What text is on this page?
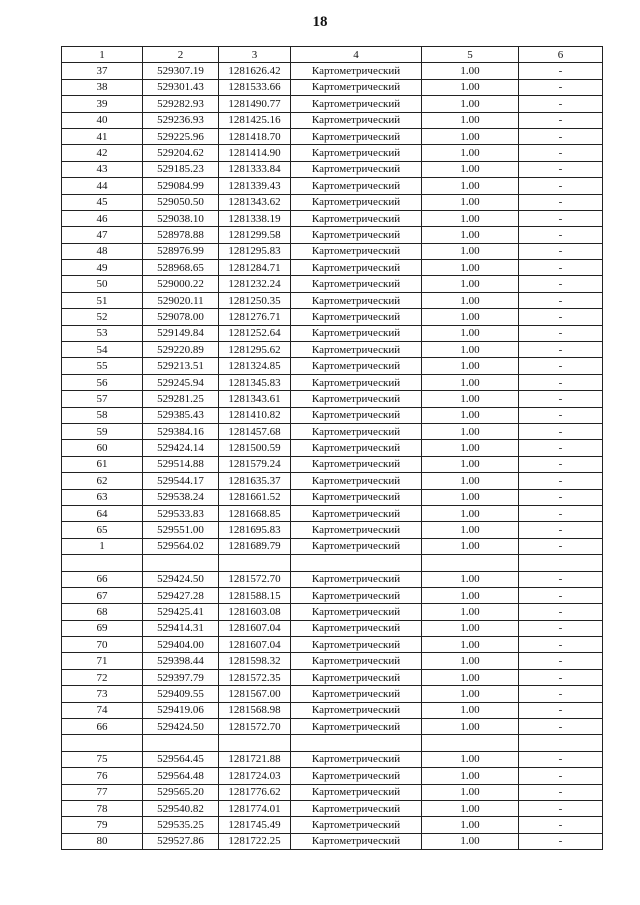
18
1	2	3	4	5	6
37	529307.19	1281626.42	Картометрический	1.00	-
38	529301.43	1281533.66	Картометрический	1.00	-
39	529282.93	1281490.77	Картометрический	1.00	-
40	529236.93	1281425.16	Картометрический	1.00	-
41	529225.96	1281418.70	Картометрический	1.00	-
42	529204.62	1281414.90	Картометрический	1.00	-
43	529185.23	1281333.84	Картометрический	1.00	-
44	529084.99	1281339.43	Картометрический	1.00	-
45	529050.50	1281343.62	Картометрический	1.00	-
46	529038.10	1281338.19	Картометрический	1.00	-
47	528978.88	1281299.58	Картометрический	1.00	-
48	528976.99	1281295.83	Картометрический	1.00	-
49	528968.65	1281284.71	Картометрический	1.00	-
50	529000.22	1281232.24	Картометрический	1.00	-
51	529020.11	1281250.35	Картометрический	1.00	-
52	529078.00	1281276.71	Картометрический	1.00	-
53	529149.84	1281252.64	Картометрический	1.00	-
54	529220.89	1281295.62	Картометрический	1.00	-
55	529213.51	1281324.85	Картометрический	1.00	-
56	529245.94	1281345.83	Картометрический	1.00	-
57	529281.25	1281343.61	Картометрический	1.00	-
58	529385.43	1281410.82	Картометрический	1.00	-
59	529384.16	1281457.68	Картометрический	1.00	-
60	529424.14	1281500.59	Картометрический	1.00	-
61	529514.88	1281579.24	Картометрический	1.00	-
62	529544.17	1281635.37	Картометрический	1.00	-
63	529538.24	1281661.52	Картометрический	1.00	-
64	529533.83	1281668.85	Картометрический	1.00	-
65	529551.00	1281695.83	Картометрический	1.00	-
1	529564.02	1281689.79	Картометрический	1.00	-

66	529424.50	1281572.70	Картометрический	1.00	-
67	529427.28	1281588.15	Картометрический	1.00	-
68	529425.41	1281603.08	Картометрический	1.00	-
69	529414.31	1281607.04	Картометрический	1.00	-
70	529404.00	1281607.04	Картометрический	1.00	-
71	529398.44	1281598.32	Картометрический	1.00	-
72	529397.79	1281572.35	Картометрический	1.00	-
73	529409.55	1281567.00	Картометрический	1.00	-
74	529419.06	1281568.98	Картометрический	1.00	-
66	529424.50	1281572.70	Картометрический	1.00	-

75	529564.45	1281721.88	Картометрический	1.00	-
76	529564.48	1281724.03	Картометрический	1.00	-
77	529565.20	1281776.62	Картометрический	1.00	-
78	529540.82	1281774.01	Картометрический	1.00	-
79	529535.25	1281745.49	Картометрический	1.00	-
80	529527.86	1281722.25	Картометрический	1.00	-
